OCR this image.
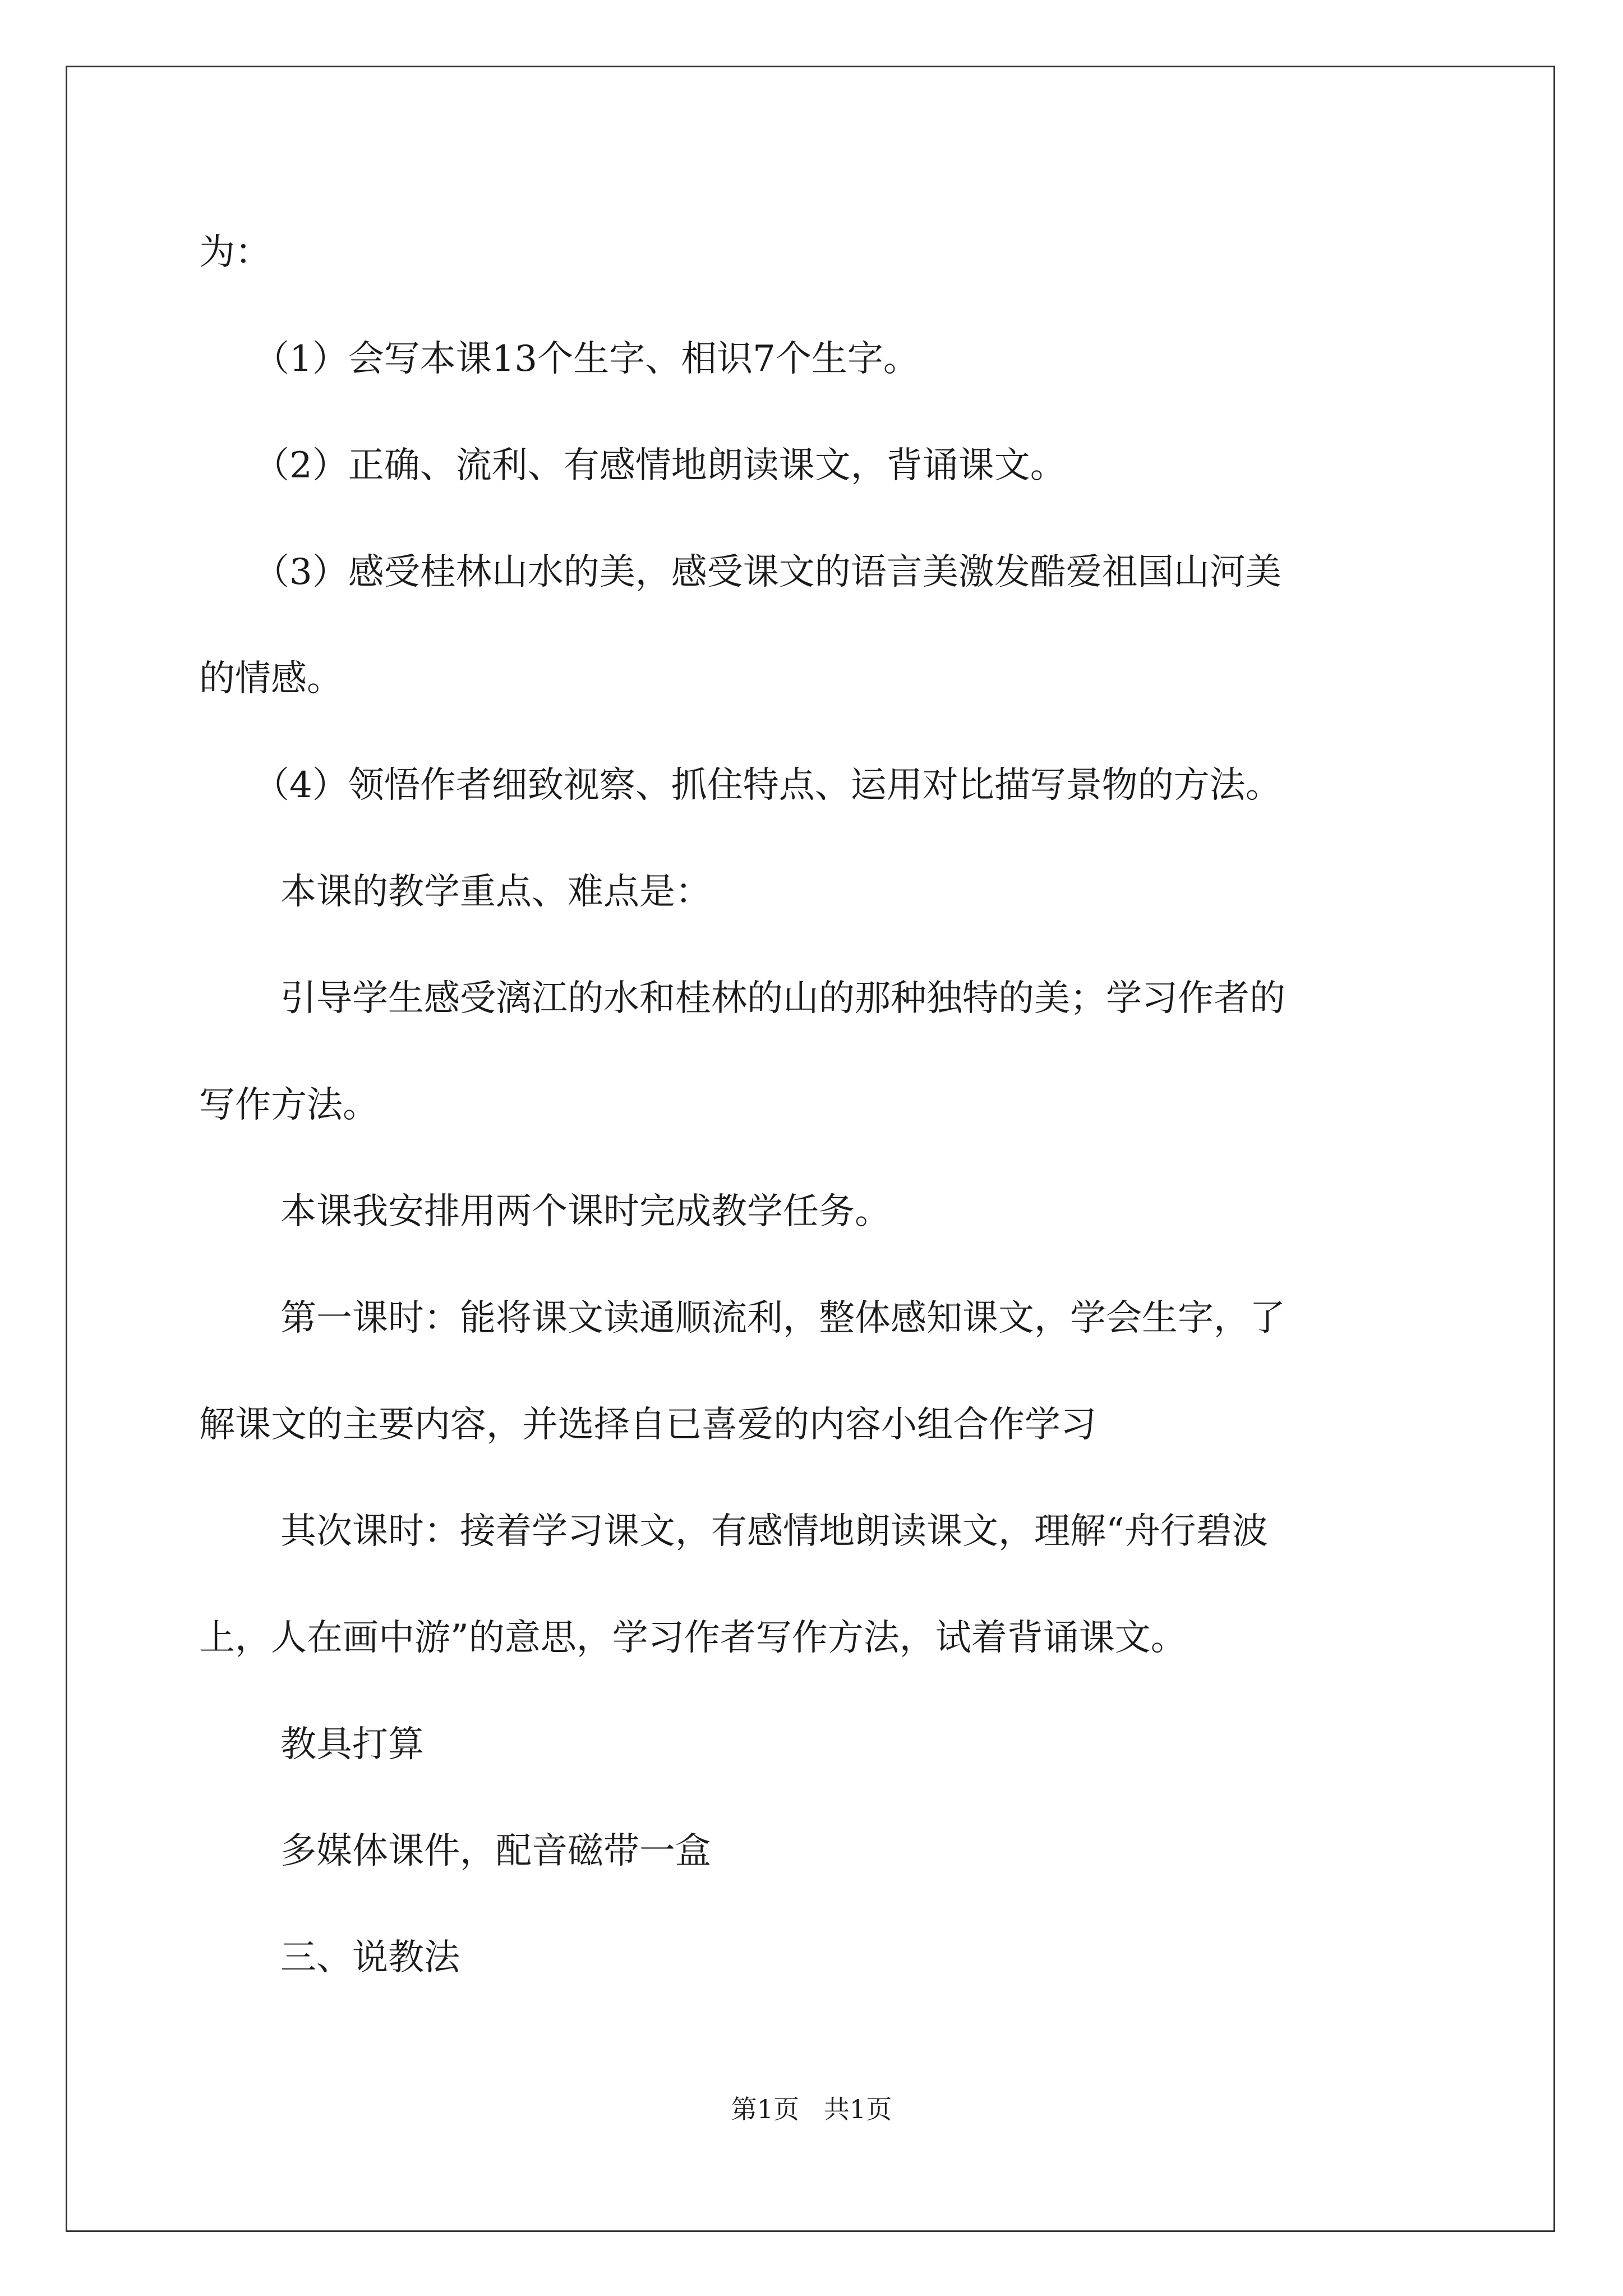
为：
（1）会写本课13个生字、相识7个生字。
（2）正确、流利、有感情地朗读课文，背诵课文。
（3）感受桂林山水的美，感受课文的语言美激发酷爱祖国山河美
的情感。
（4）领悟作者细致视察、抓住特点、运用对比描写景物的方法。
本课的教学重点、难点是：
引导学生感受漓江的水和桂林的山的那种独特的美；学习作者的
写作方法。
本课我安排用两个课时完成教学任务。
第一课时：能将课文读通顺流利，整体感知课文，学会生字，了
解课文的主要内容，并选择自已喜爱的内容小组合作学习
其次课时：接着学习课文，有感情地朗读课文，理解“舟行碧波
上，人在画中游”的意思，学习作者写作方法，试着背诵课文。
教具打算
多媒体课件，配音磁带一盒
三、说教法
第1页   共1页
